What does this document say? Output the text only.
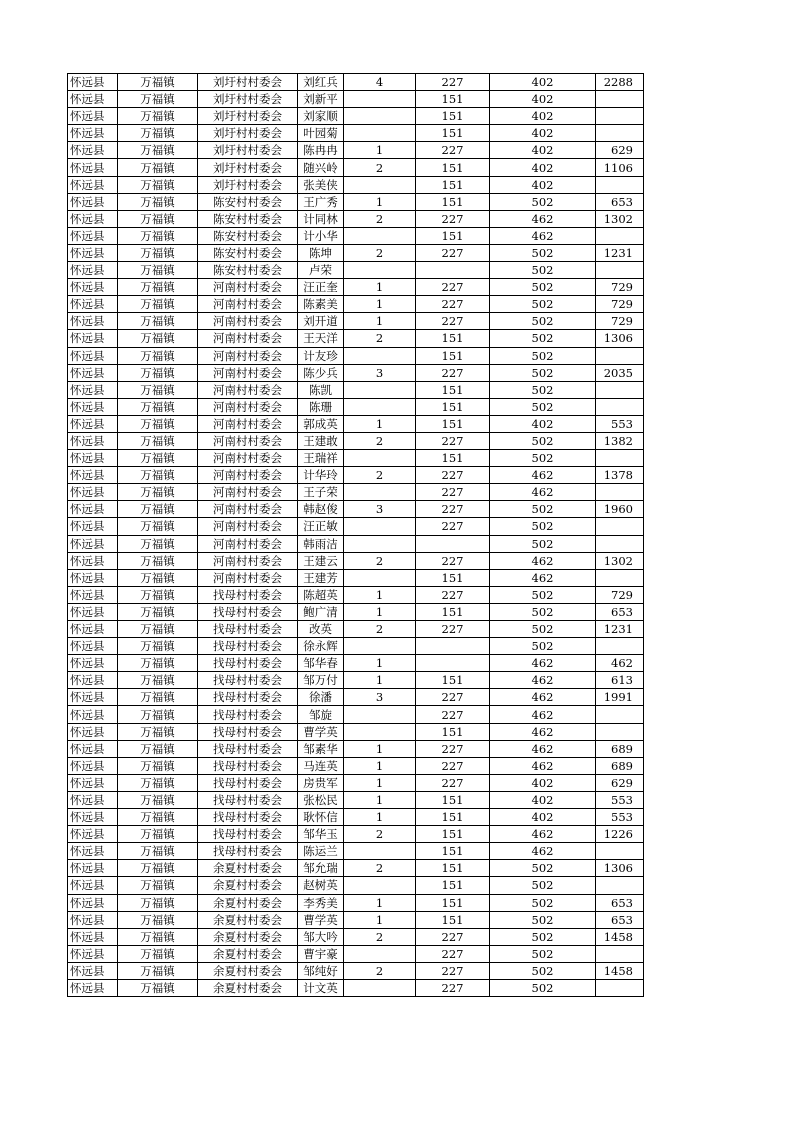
怀远县	万福镇	刘圩村村委会	刘红兵	4	227	402	2288
怀远县	万福镇	刘圩村村委会	刘新平		151	402	
怀远县	万福镇	刘圩村村委会	刘家顺		151	402	
怀远县	万福镇	刘圩村村委会	叶园菊		151	402	
怀远县	万福镇	刘圩村村委会	陈冉冉	1	227	402	629
怀远县	万福镇	刘圩村村委会	随兴岭	2	151	402	1106
怀远县	万福镇	刘圩村村委会	张美侠		151	402	
怀远县	万福镇	陈安村村委会	王广秀	1	151	502	653
怀远县	万福镇	陈安村村委会	计同林	2	227	462	1302
怀远县	万福镇	陈安村村委会	计小华		151	462	
怀远县	万福镇	陈安村村委会	陈坤	2	227	502	1231
怀远县	万福镇	陈安村村委会	卢荣			502	
怀远县	万福镇	河南村村委会	汪正奎	1	227	502	729
怀远县	万福镇	河南村村委会	陈素美	1	227	502	729
怀远县	万福镇	河南村村委会	刘开道	1	227	502	729
怀远县	万福镇	河南村村委会	王天洋	2	151	502	1306
怀远县	万福镇	河南村村委会	计友珍		151	502	
怀远县	万福镇	河南村村委会	陈少兵	3	227	502	2035
怀远县	万福镇	河南村村委会	陈凯		151	502	
怀远县	万福镇	河南村村委会	陈珊		151	502	
怀远县	万福镇	河南村村委会	郭成英	1	151	402	553
怀远县	万福镇	河南村村委会	王建敢	2	227	502	1382
怀远县	万福镇	河南村村委会	王瑞祥		151	502	
怀远县	万福镇	河南村村委会	计华玲	2	227	462	1378
怀远县	万福镇	河南村村委会	王子荣		227	462	
怀远县	万福镇	河南村村委会	韩赵俊	3	227	502	1960
怀远县	万福镇	河南村村委会	汪正敏		227	502	
怀远县	万福镇	河南村村委会	韩雨洁			502	
怀远县	万福镇	河南村村委会	王建云	2	227	462	1302
怀远县	万福镇	河南村村委会	王建芳		151	462	
怀远县	万福镇	找母村村委会	陈超英	1	227	502	729
怀远县	万福镇	找母村村委会	鲍广清	1	151	502	653
怀远县	万福镇	找母村村委会	改英	2	227	502	1231
怀远县	万福镇	找母村村委会	徐永辉			502	
怀远县	万福镇	找母村村委会	邹华春	1		462	462
怀远县	万福镇	找母村村委会	邹万付	1	151	462	613
怀远县	万福镇	找母村村委会	徐潘	3	227	462	1991
怀远县	万福镇	找母村村委会	邹旋		227	462	
怀远县	万福镇	找母村村委会	曹学英		151	462	
怀远县	万福镇	找母村村委会	邹素华	1	227	462	689
怀远县	万福镇	找母村村委会	马连英	1	227	462	689
怀远县	万福镇	找母村村委会	房贵军	1	227	402	629
怀远县	万福镇	找母村村委会	张松民	1	151	402	553
怀远县	万福镇	找母村村委会	耿怀信	1	151	402	553
怀远县	万福镇	找母村村委会	邹华玉	2	151	462	1226
怀远县	万福镇	找母村村委会	陈运兰		151	462	
怀远县	万福镇	余夏村村委会	邹允瑞	2	151	502	1306
怀远县	万福镇	余夏村村委会	赵树英		151	502	
怀远县	万福镇	余夏村村委会	李秀美	1	151	502	653
怀远县	万福镇	余夏村村委会	曹学英	1	151	502	653
怀远县	万福镇	余夏村村委会	邹大吟	2	227	502	1458
怀远县	万福镇	余夏村村委会	曹宇豪		227	502	
怀远县	万福镇	余夏村村委会	邹纯好	2	227	502	1458
怀远县	万福镇	余夏村村委会	计文英		227	502	
